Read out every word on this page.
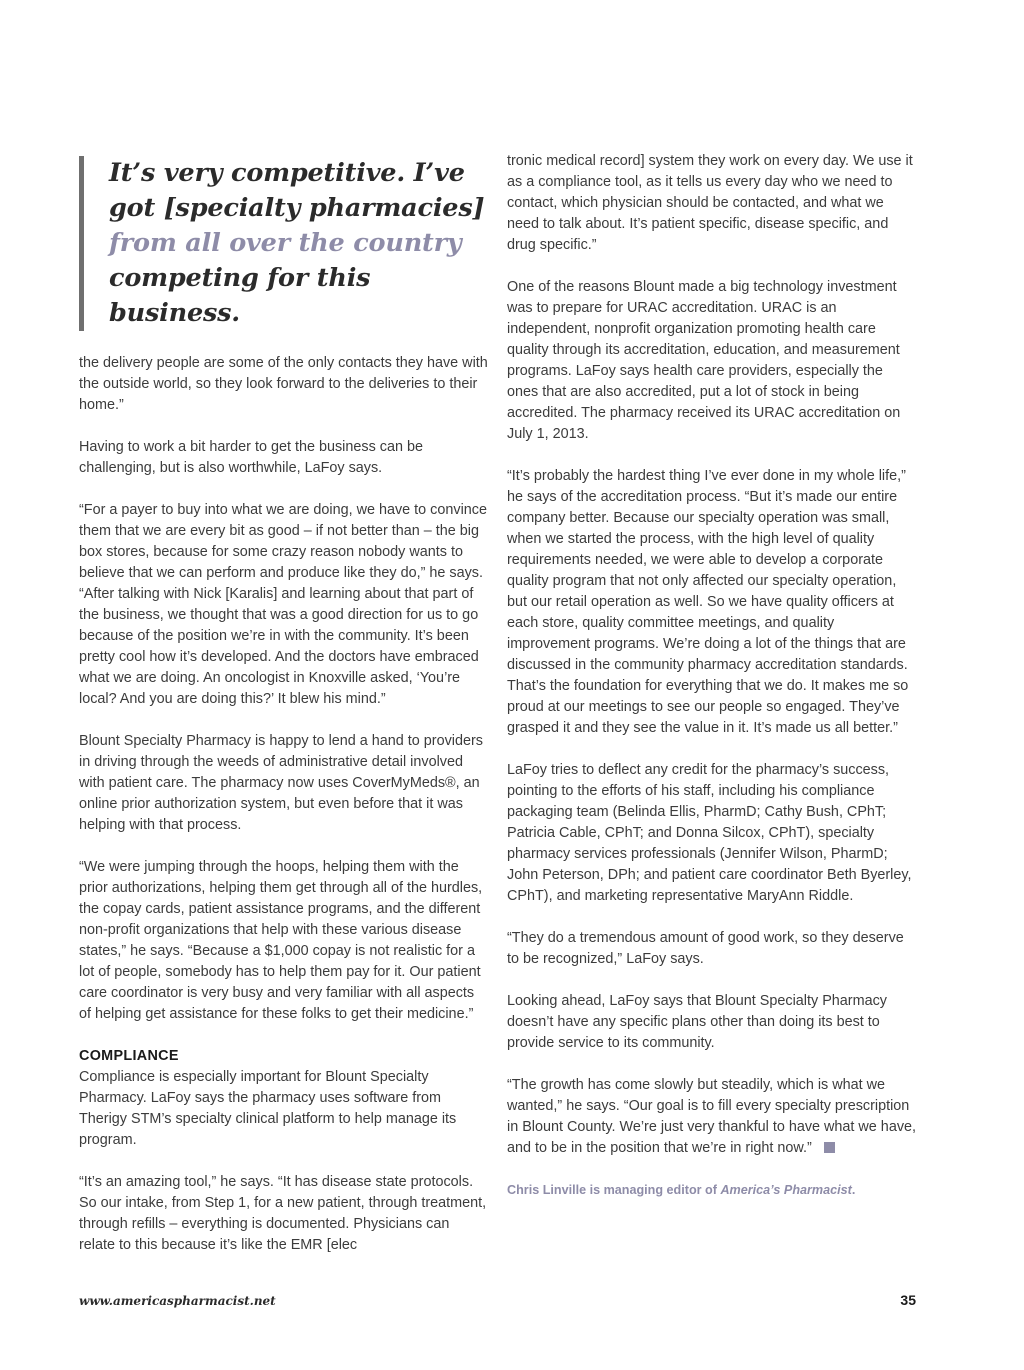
It’s very competitive. I’ve got [specialty pharmacies] from all over the country competing for this business.

the delivery people are some of the only contacts they have with the outside world, so they look forward to the deliveries to their home.”

Having to work a bit harder to get the business can be challenging, but is also worthwhile, LaFoy says.

“For a payer to buy into what we are doing, we have to convince them that we are every bit as good – if not better than – the big box stores, because for some crazy reason nobody wants to believe that we can perform and produce like they do,” he says. “After talking with Nick [Karalis] and learning about that part of the business, we thought that was a good direction for us to go because of the position we’re in with the community. It’s been pretty cool how it’s developed. And the doctors have embraced what we are doing. An oncologist in Knoxville asked, ‘You’re local? And you are doing this?’ It blew his mind.”

Blount Specialty Pharmacy is happy to lend a hand to providers in driving through the weeds of administrative detail involved with patient care. The pharmacy now uses CoverMyMeds®, an online prior authorization system, but even before that it was helping with that process.

“We were jumping through the hoops, helping them with the prior authorizations, helping them get through all of the hurdles, the copay cards, patient assistance programs, and the different non-profit organizations that help with these various disease states,” he says. “Because a $1,000 copay is not realistic for a lot of people, somebody has to help them pay for it. Our patient care coordinator is very busy and very familiar with all aspects of helping get assistance for these folks to get their medicine.”

COMPLIANCE

Compliance is especially important for Blount Specialty Pharmacy. LaFoy says the pharmacy uses software from Therigy STM’s specialty clinical platform to help manage its program.

“It’s an amazing tool,” he says. “It has disease state protocols. So our intake, from Step 1, for a new patient, through treatment, through refills – everything is documented. Physicians can relate to this because it’s like the EMR [elec

tronic medical record] system they work on every day. We use it as a compliance tool, as it tells us every day who we need to contact, which physician should be contacted, and what we need to talk about. It’s patient specific, disease specific, and drug specific.”

One of the reasons Blount made a big technology investment was to prepare for URAC accreditation. URAC is an independent, nonprofit organization promoting health care quality through its accreditation, education, and measurement programs. LaFoy says health care providers, especially the ones that are also accredited, put a lot of stock in being accredited. The pharmacy received its URAC accreditation on July 1, 2013.

“It’s probably the hardest thing I’ve ever done in my whole life,” he says of the accreditation process. “But it’s made our entire company better. Because our specialty operation was small, when we started the process, with the high level of quality requirements needed, we were able to develop a corporate quality program that not only affected our specialty operation, but our retail operation as well. So we have quality officers at each store, quality committee meetings, and quality improvement programs. We’re doing a lot of the things that are discussed in the community pharmacy accreditation standards. That’s the foundation for everything that we do. It makes me so proud at our meetings to see our people so engaged. They’ve grasped it and they see the value in it. It’s made us all better.”

LaFoy tries to deflect any credit for the pharmacy’s success, pointing to the efforts of his staff, including his compliance packaging team (Belinda Ellis, PharmD; Cathy Bush, CPhT; Patricia Cable, CPhT; and Donna Silcox, CPhT), specialty pharmacy services professionals (Jennifer Wilson, PharmD; John Peterson, DPh; and patient care coordinator Beth Byerley, CPhT), and marketing representative MaryAnn Riddle.

“They do a tremendous amount of good work, so they deserve to be recognized,” LaFoy says.

Looking ahead, LaFoy says that Blount Specialty Pharmacy doesn’t have any specific plans other than doing its best to provide service to its community.

“The growth has come slowly but steadily, which is what we wanted,” he says. “Our goal is to fill every specialty prescription in Blount County. We’re just very thankful to have what we have, and to be in the position that we’re in right now.”

Chris Linville is managing editor of America’s Pharmacist.
www.americaspharmacist.net	35
